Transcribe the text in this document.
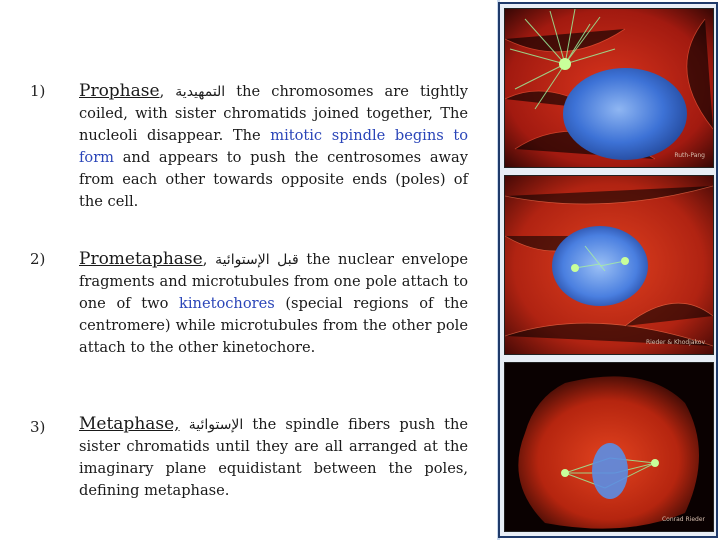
1) Prophase, التمهيدية the chromosomes are tightly coiled, with sister chromatids joined together, The nucleoli disappear. The mitotic spindle begins to form and appears to push the centrosomes away from each other towards opposite ends (poles) of the cell.
2) Prometaphase, قبل الإستوائية the nuclear envelope fragments and microtubules from one pole attach to one of two kinetochores (special regions of the centromere) while microtubules from the other pole attach to the other kinetochore.
3) Metaphase, الإستوائية the spindle fibers push the sister chromatids until they are all arranged at the imaginary plane equidistant between the poles, defining metaphase.
Ruth-Pang
Rieder & Khodjakov
Conrad Rieder
